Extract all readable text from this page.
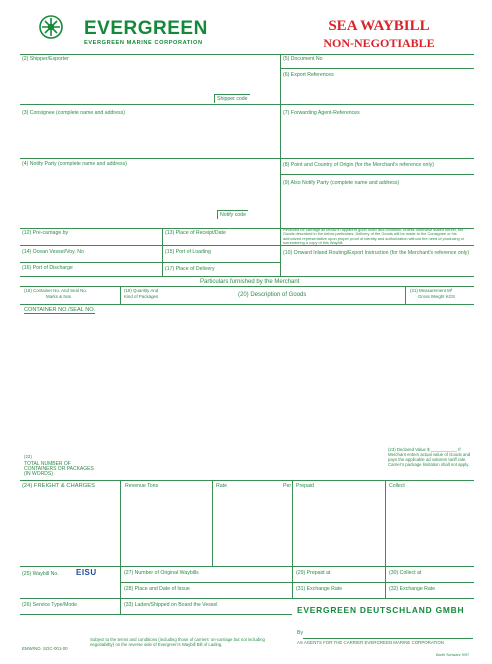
EVERGREEN
EVERGREEN MARINE CORPORATION
SEA WAYBILL
NON-NEGOTIABLE
(2) Shipper/Exporter	(5) Document No
(6) Export References
Shipper code
(3) Consignee (complete name and address)	(7) Forwarding Agent-References
(4) Notify Party (complete name and address)	(8) Point and Country of Origin (for the Merchant's reference only)
(9) Also Notify Party (complete name and address)
Notify code
(12) Pre-carriage by	(13) Place of Receipt/Date
Received for carriage as below in apparent good order and condition, unless otherwise stated herein, the Goods described in the below particulars. Delivery of the Goods will be made to the Consignee or his authorized representative upon proper proof of identity and authorization without the need of producing or surrendering a copy of this Waybill.
(14) Ocean Vessel/Voy. No	(15) Port of Loading	(10) Onward Inland Routing/Export Instruction (for the Merchant's reference only)
(16) Port of Discharge	(17) Place of Delivery
Particulars furnished by the Merchant
(18) Container No. And Seal No.
Marks & Nos
(19) Quantity And
Kind of Packages	(20) Description of Goods
(21) Measurement M³
Gross Weight KGS
CONTAINER NO./SEAL NO.
(22)
TOTAL NUMBER OF
CONTAINERS OR PACKAGES
(IN WORDS)
(23) Declared Value $ ___________ If Merchant enters actual value of Goods and pays the applicable ad valorem tariff rate, Carrier's package limitation shall not apply.
(24) FREIGHT & CHARGES	Revenue Tons	Rate	Per Prepaid	Collect
(25) Waybill No. EISU	(27) Number of Original Waybills	(29) Prepaid at	(30) Collect at
(28) Place and Date of Issue	(31) Exchange Rate	(32) Exchange Rate
(26) Service Type/Mode	(33) Laden/Shipped on Board the Vessel	EVERGREEN DEUTSCHLAND GMBH
By
AS AGENTS FOR THE CARRIER EVERGREEN MARINE CORPORATION
EMW/NO. SOC-001-00
Subject to the terms and conditions (including those of carriers' on-carriage but not including negotiability) on the reverse side of Evergreen's Waybill Bill of Lading.
Barth Schwarz 9/97
